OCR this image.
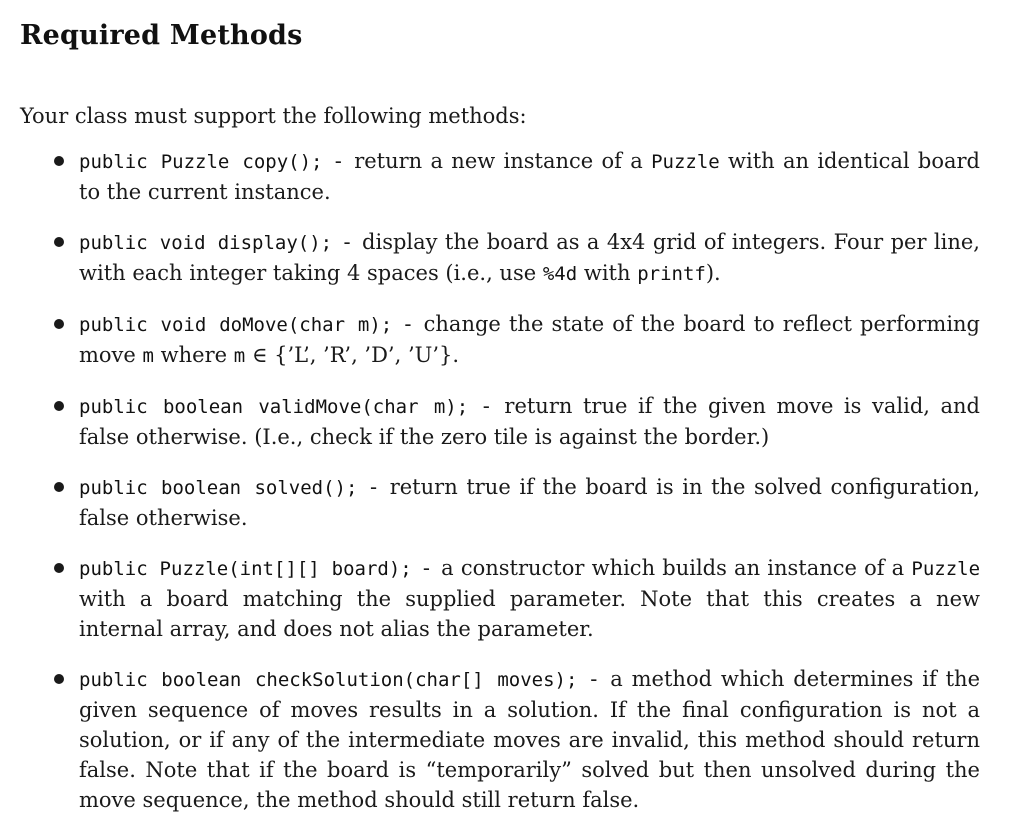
Required Methods

Your class must support the following methods:

public Puzzle copy(); - return a new instance of a Puzzle with an identical board to the current instance.
public void display(); - display the board as a 4x4 grid of integers. Four per line, with each integer taking 4 spaces (i.e., use %4d with printf).
public void doMove(char m); - change the state of the board to reflect performing move m where m ∈ {’L’, ’R’, ’D’, ’U’}.
public boolean validMove(char m); - return true if the given move is valid, and false otherwise. (I.e., check if the zero tile is against the border.)
public boolean solved(); - return true if the board is in the solved configuration, false otherwise.
public Puzzle(int[][] board); - a constructor which builds an instance of a Puzzle with a board matching the supplied parameter. Note that this creates a new internal array, and does not alias the parameter.
public boolean checkSolution(char[] moves); - a method which determines if the given sequence of moves results in a solution. If the final configuration is not a solution, or if any of the intermediate moves are invalid, this method should return false. Note that if the board is “temporarily” solved but then unsolved during the move sequence, the method should still return false.
